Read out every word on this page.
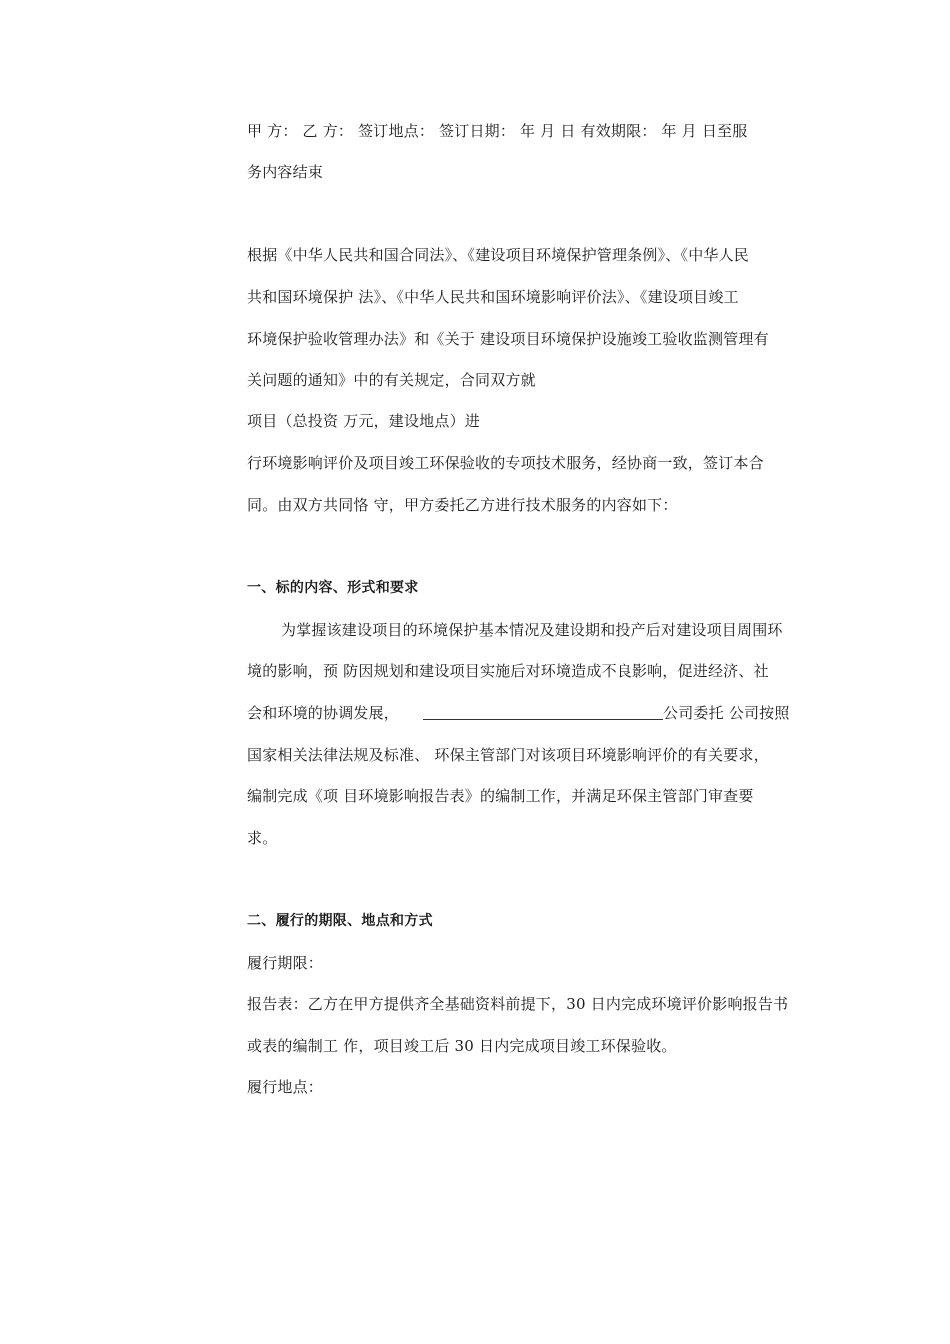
甲 方： 乙 方： 签订地点： 签订日期： 年 月 日 有效期限： 年 月 日至服
务内容结束
根据《中华人民共和国合同法》、《建设项目环境保护管理条例》、《中华人民
共和国环境保护 法》、《中华人民共和国环境影响评价法》、《建设项目竣工
环境保护验收管理办法》和《关于 建设项目环境保护设施竣工验收监测管理有
关问题的通知》中的有关规定，合同双方就
项目（总投资 万元，建设地点）进
行环境影响评价及项目竣工环保验收的专项技术服务，经协商一致，签订本合
同。由双方共同恪 守，甲方委托乙方进行技术服务的内容如下：
一、标的内容、形式和要求
为掌握该建设项目的环境保护基本情况及建设期和投产后对建设项目周围环
境的影响，预 防因规划和建设项目实施后对环境造成不良影响，促进经济、社
会和环境的协调发展，	公司委托 公司按照
国家相关法律法规及标准、 环保主管部门对该项目环境影响评价的有关要求，
编制完成《项 目环境影响报告表》的编制工作，并满足环保主管部门审查要
求。
二、履行的期限、地点和方式
履行期限：
报告表：乙方在甲方提供齐全基础资料前提下，30 日内完成环境评价影响报告书
或表的编制工 作，项目竣工后 30 日内完成项目竣工环保验收。
履行地点：
